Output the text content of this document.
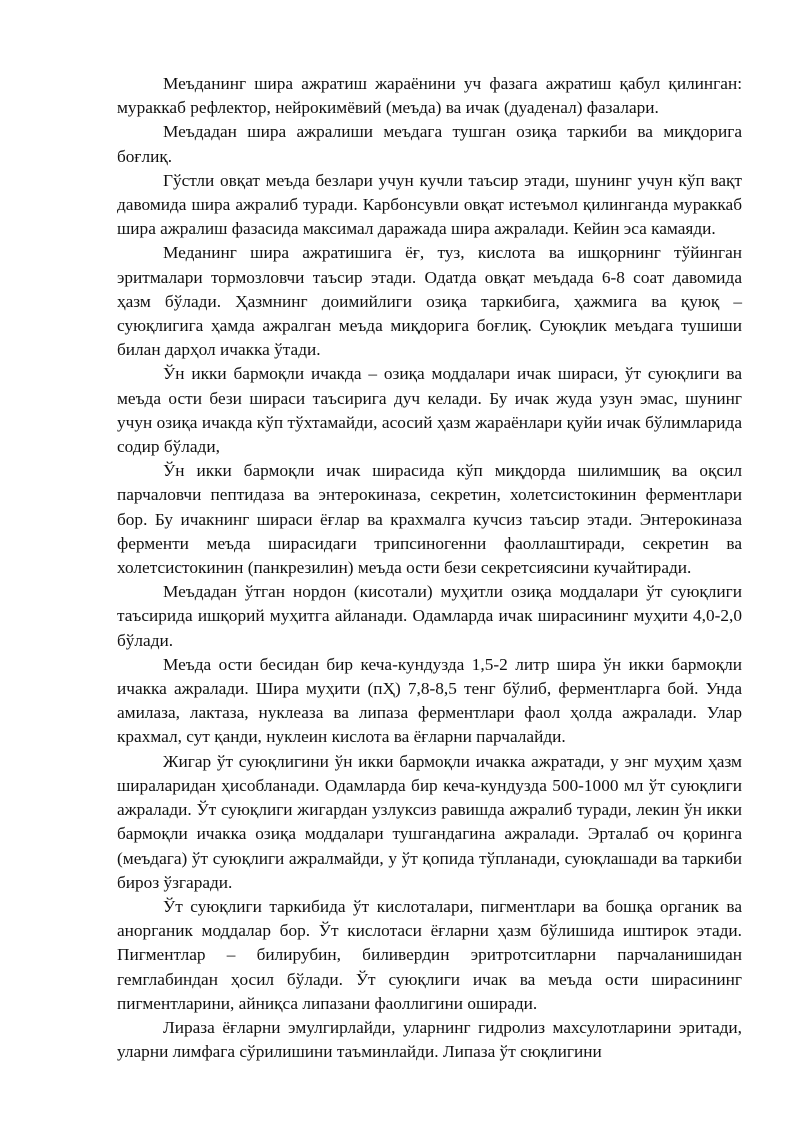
Меъданинг шира ажратиш жараёнини уч фазага ажратиш қабул қилинган: мураккаб рефлектор, нейрокимёвий (меъда) ва ичак (дуаденал) фазалари.

Меъдадан шира ажралиши меъдага тушган озиқа таркиби ва миқдорига боғлиқ.

Гўстли овқат меъда безлари учун кучли таъсир этади, шунинг учун кўп вақт давомида шира ажралиб туради. Карбонсувли овқат истеъмол қилинганда мураккаб шира ажралиш фазасида максимал даражада шира ажралади. Кейин эса камаяди.

Меданинг шира ажратишига ёғ, туз, кислота ва ишқорнинг тўйинган эритмалари тормозловчи таъсир этади. Одатда овқат меъдада 6-8 соат давомида ҳазм бўлади. Ҳазмнинг доимийлиги озиқа таркибига, ҳажмига ва қуюқ – суюқлигига ҳамда ажралган меъда миқдорига боғлиқ. Суюқлик меъдага тушиши билан дарҳол ичакка ўтади.

Ўн икки бармоқли ичакда – озиқа моддалари ичак шираси, ўт суюқлиги ва меъда ости бези шираси таъсирига дуч келади. Бу ичак жуда узун эмас, шунинг учун озиқа ичакда кўп тўхтамайди, асосий ҳазм жараёнлари қуйи ичак бўлимларида содир бўлади,

Ўн икки бармоқли ичак ширасида кўп миқдорда шилимшиқ ва оқсил парчаловчи пептидаза ва энтерокиназа, секретин, холетсистокинин ферментлари бор. Бу ичакнинг шираси ёғлар ва крахмалга кучсиз таъсир этади. Энтерокиназа ферменти меъда ширасидаги трипсиногенни фаоллаштиради, секретин ва холетсистокинин (панкрезилин) меъда ости бези секретсиясини кучайтиради.

Меъдадан ўтган нордон (кисотали) муҳитли озиқа моддалари ўт суюқлиги таъсирида ишқорий муҳитга айланади. Одамларда ичак ширасининг муҳити 4,0-2,0 бўлади.

Меъда ости бесидан бир кеча-кундузда 1,5-2 литр шира ўн икки бармоқли ичакка ажралади. Шира муҳити (пҲ) 7,8-8,5 тенг бўлиб, ферментларга бой. Унда амилаза, лактаза, нуклеаза ва липаза ферментлари фаол ҳолда ажралади. Улар крахмал, сут қанди, нуклеин кислота ва ёғларни парчалайди.

Жигар ўт суюқлигини ўн икки бармоқли ичакка ажратади, у энг муҳим ҳазм шираларидан ҳисобланади. Одамларда бир кеча-кундузда 500-1000 мл ўт суюқлиги ажралади. Ўт суюқлиги жигардан узлуксиз равишда ажралиб туради, лекин ўн икки бармоқли ичакка озиқа моддалари тушгандагина ажралади. Эрталаб оч қоринга (меъдага) ўт суюқлиги ажралмайди, у ўт қопида тўпланади, суюқлашади ва таркиби бироз ўзгаради.

Ўт суюқлиги таркибида ўт кислоталари, пигментлари ва бошқа органик ва анорганик моддалар бор. Ўт кислотаси ёғларни ҳазм бўлишида иштирок этади. Пигментлар – билирубин, биливердин эритротситларни парчаланишидан гемглабиндан ҳосил бўлади. Ўт суюқлиги ичак ва меъда ости ширасининг пигментларини, айниқса липазани фаоллигини оширади.

Лираза ёғларни эмулгирлайди, уларнинг гидролиз махсулотларини эритади, уларни лимфага сўрилишини таъминлайди. Липаза ўт сюқлигини
